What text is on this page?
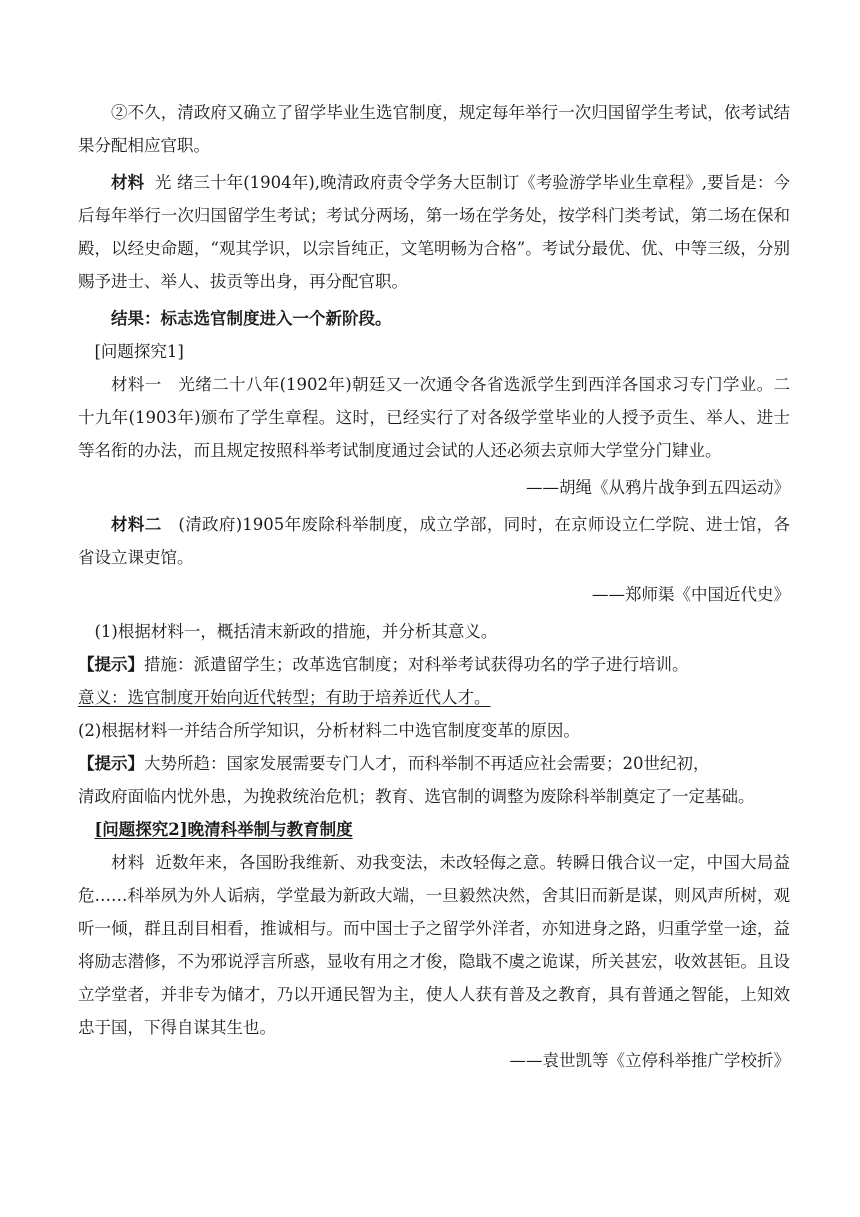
②不久，清政府又确立了留学毕业生选官制度，规定每年举行一次归国留学生考试，依考试结果分配相应官职。

材料 光 绪三十年(1904年),晚清政府责令学务大臣制订《考验游学毕业生章程》,要旨是：今后每年举行一次归国留学生考试；考试分两场，第一场在学务处，按学科门类考试，第二场在保和殿，以经史命题，“观其学识，以宗旨纯正，文笔明畅为合格”。考试分最优、优、中等三级，分别赐予进士、举人、拔贡等出身，再分配官职。

结果：标志选官制度进入一个新阶段。

[问题探究1]

材料一 光绪二十八年(1902年)朝廷又一次通令各省选派学生到西洋各国求习专门学业。二十九年(1903年)颁布了学生章程。这时，已经实行了对各级学堂毕业的人授予贡生、举人、进士等名衔的办法，而且规定按照科举考试制度通过会试的人还必须去京师大学堂分门肄业。

——胡绳《从鸦片战争到五四运动》

材料二 (清政府)1905年废除科举制度，成立学部，同时，在京师设立仁学院、进士馆，各省设立课吏馆。

——郑师渠《中国近代史》

(1)根据材料一，概括清末新政的措施，并分析其意义。

【提示】措施：派遣留学生；改革选官制度；对科举考试获得功名的学子进行培训。

意义：选官制度开始向近代转型；有助于培养近代人才。

(2)根据材料一并结合所学知识，分析材料二中选官制度变革的原因。

【提示】大势所趋：国家发展需要专门人才，而科举制不再适应社会需要；20世纪初，

清政府面临内忧外患，为挽救统治危机；教育、选官制的调整为废除科举制奠定了一定基础。

[问题探究2]晚清科举制与教育制度

材料 近数年来，各国盼我维新、劝我变法，未改轻侮之意。转瞬日俄合议一定，中国大局益危……科举夙为外人诟病，学堂最为新政大端，一旦毅然决然，舍其旧而新是谋，则风声所树，观听一倾，群且刮目相看，推诚相与。而中国士子之留学外洋者，亦知进身之路，归重学堂一途，益将励志潜修，不为邪说浮言所惑，显收有用之才俊，隐戢不虞之诡谋，所关甚宏，收效甚钜。且设立学堂者，并非专为储才，乃以开通民智为主，使人人获有普及之教育，具有普通之智能，上知效忠于国，下得自谋其生也。

——袁世凯等《立停科举推广学校折》
